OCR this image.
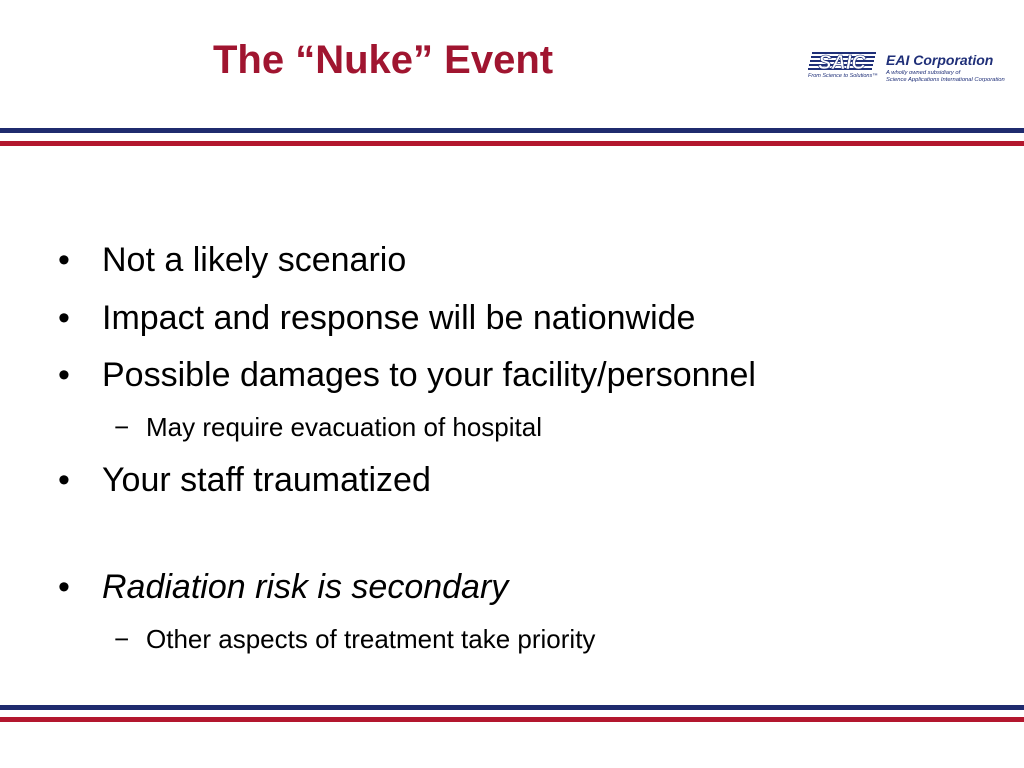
The “Nuke” Event	SAIC
From Science to Solutions™
EAI Corporation
A wholly owned subsidiary of
Science Applications International Corporation
• Not a likely scenario
• Impact and response will be nationwide
• Possible damages to your facility/personnel
− May require evacuation of hospital
• Your staff traumatized
• Radiation risk is secondary
− Other aspects of treatment take priority
